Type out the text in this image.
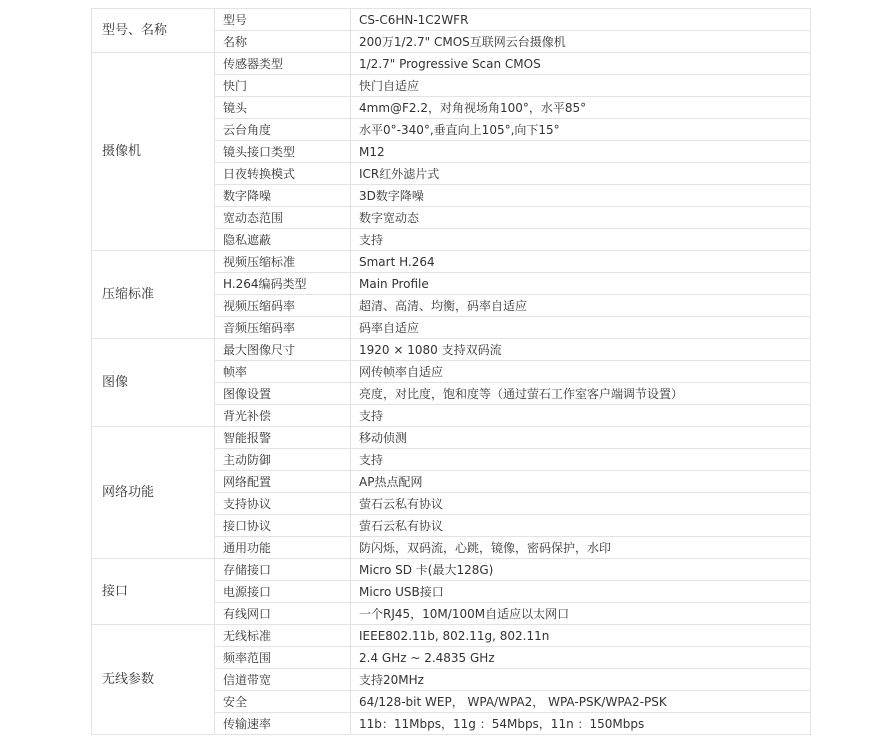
型号、名称	型号	CS-C6HN-1C2WFR
	名称	200万1/2.7" CMOS互联网云台摄像机
摄像机	传感器类型	1/2.7" Progressive Scan CMOS
	快门	快门自适应
	镜头	4mm@F2.2，对角视场角100°，水平85°
	云台角度	水平0°-340°,垂直向上105°,向下15°
	镜头接口类型	M12
	日夜转换模式	ICR红外滤片式
	数字降噪	3D数字降噪
	宽动态范围	数字宽动态
	隐私遮蔽	支持
压缩标准	视频压缩标准	Smart H.264
	H.264编码类型	Main Profile
	视频压缩码率	超清、高清、均衡，码率自适应
	音频压缩码率	码率自适应
图像	最大图像尺寸	1920 × 1080 支持双码流
	帧率	网传帧率自适应
	图像设置	亮度，对比度，饱和度等（通过萤石工作室客户端调节设置）
	背光补偿	支持
网络功能	智能报警	移动侦测
	主动防御	支持
	网络配置	AP热点配网
	支持协议	萤石云私有协议
	接口协议	萤石云私有协议
	通用功能	防闪烁，双码流，心跳，镜像，密码保护，水印
接口	存储接口	Micro SD 卡(最大128G)
	电源接口	Micro USB接口
	有线网口	一个RJ45，10M/100M自适应以太网口
无线参数	无线标准	IEEE802.11b, 802.11g, 802.11n
	频率范围	2.4 GHz ~ 2.4835 GHz
	信道带宽	支持20MHz
	安全	64/128-bit WEP， WPA/WPA2， WPA-PSK/WPA2-PSK
	传输速率	11b：11Mbps，11g ：54Mbps，11n ：150Mbps
